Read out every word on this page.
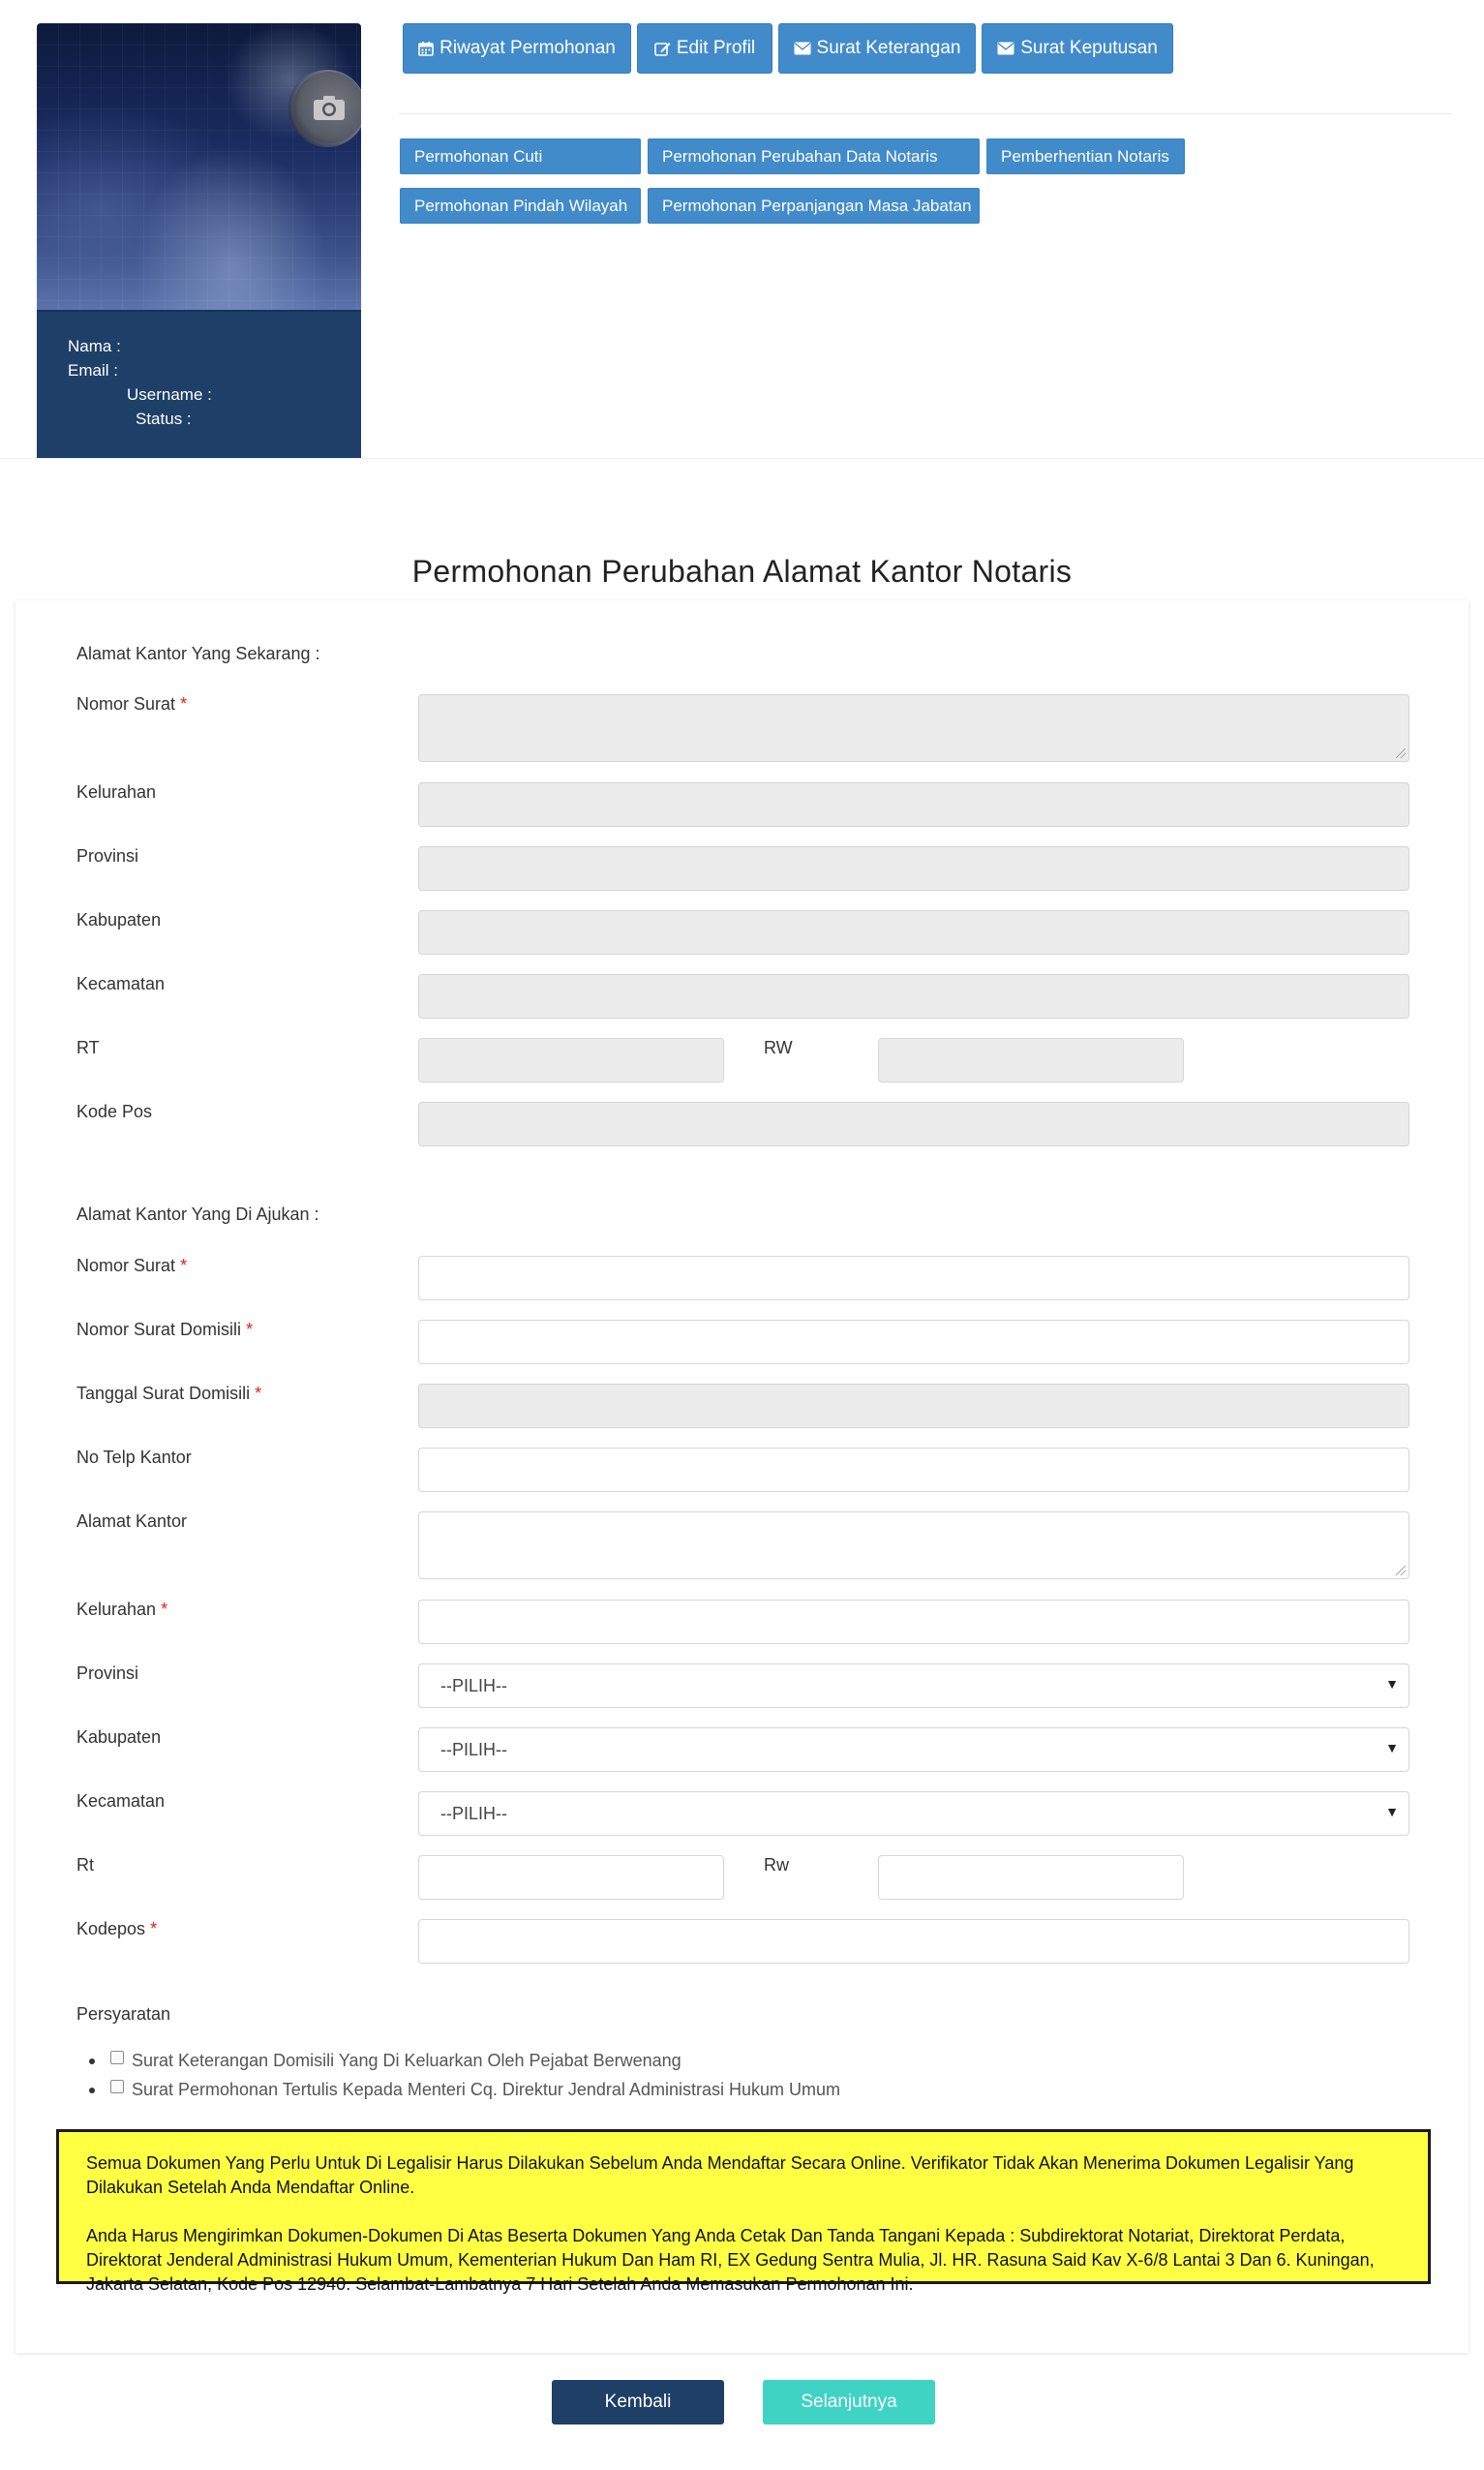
Nama :
Email :
Username :
Status :
Riwayat Permohonan	Edit Profil	Surat Keterangan	Surat Keputusan
Permohonan Cuti	Permohonan Perubahan Data Notaris	Pemberhentian Notaris
Permohonan Pindah Wilayah	Permohonan Perpanjangan Masa Jabatan
Permohonan Perubahan Alamat Kantor Notaris
Alamat Kantor Yang Sekarang :
Nomor Surat *
Kelurahan
Provinsi
Kabupaten
Kecamatan
RT	RW
Kode Pos
Alamat Kantor Yang Di Ajukan :
Nomor Surat *
Nomor Surat Domisili *
Tanggal Surat Domisili *
No Telp Kantor
Alamat Kantor
Kelurahan *
Provinsi
--PILIH--	▼
Kabupaten
--PILIH--	▼
Kecamatan
--PILIH--	▼
Rt	Rw
Kodepos *
Persyaratan
Surat Keterangan Domisili Yang Di Keluarkan Oleh Pejabat Berwenang
Surat Permohonan Tertulis Kepada Menteri Cq. Direktur Jendral Administrasi Hukum Umum

Semua Dokumen Yang Perlu Untuk Di Legalisir Harus Dilakukan Sebelum Anda Mendaftar Secara Online. Verifikator Tidak Akan Menerima Dokumen Legalisir Yang Dilakukan Setelah Anda Mendaftar Online.

Anda Harus Mengirimkan Dokumen-Dokumen Di Atas Beserta Dokumen Yang Anda Cetak Dan Tanda Tangani Kepada : Subdirektorat Notariat, Direktorat Perdata, Direktorat Jenderal Administrasi Hukum Umum, Kementerian Hukum Dan Ham RI, EX Gedung Sentra Mulia, Jl. HR. Rasuna Said Kav X-6/8 Lantai 3 Dan 6. Kuningan, Jakarta Selatan, Kode Pos 12940. Selambat-Lambatnya 7 Hari Setelah Anda Memasukan Permohonan Ini.

Kembali	Selanjutnya
